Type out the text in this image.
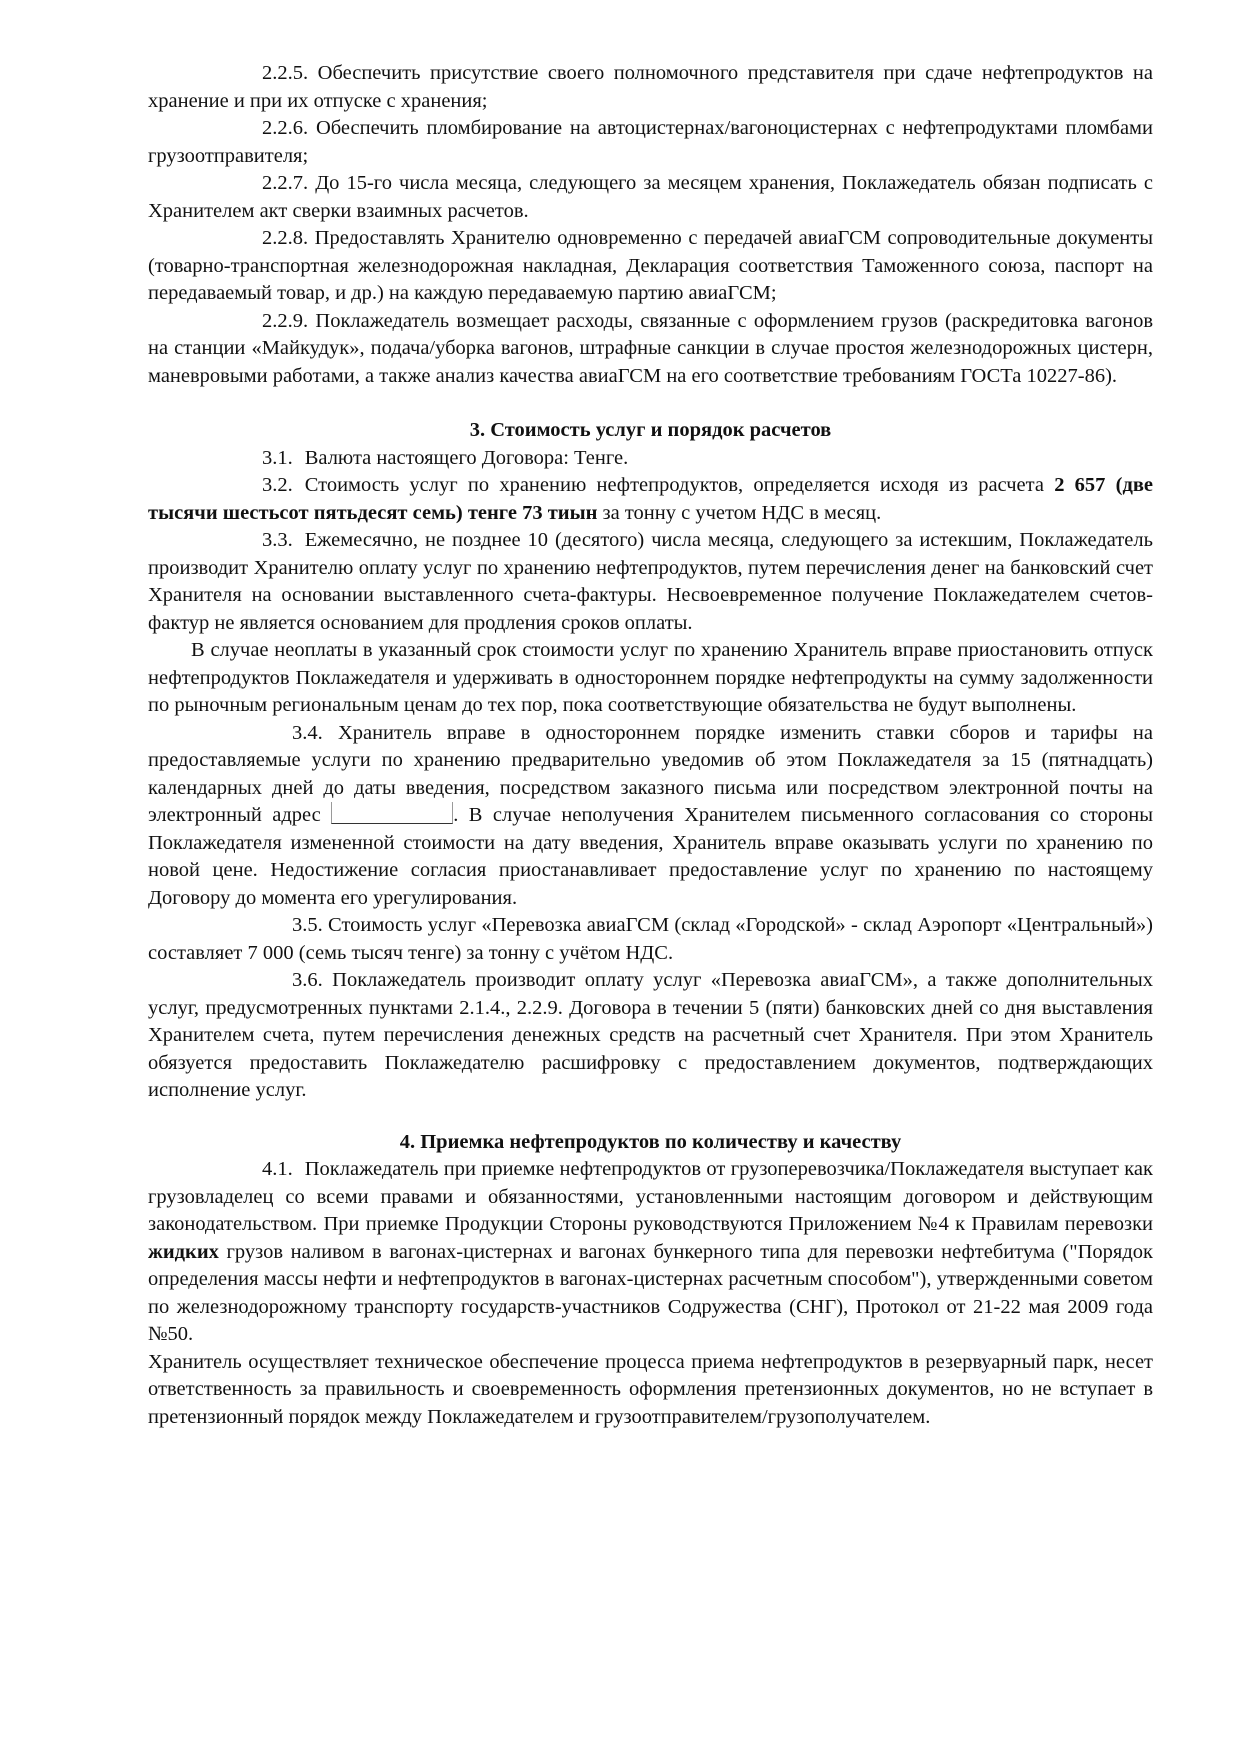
2.2.5. Обеспечить присутствие своего полномочного представителя при сдаче нефтепродуктов на хранение и при их отпуске с хранения;

2.2.6. Обеспечить пломбирование на автоцистернах/вагоноцистернах с нефтепродуктами пломбами грузоотправителя;

2.2.7. До 15-го числа месяца, следующего за месяцем хранения, Поклажедатель обязан подписать с Хранителем акт сверки взаимных расчетов.

2.2.8. Предоставлять Хранителю одновременно с передачей авиаГСМ сопроводительные документы (товарно-транспортная железнодорожная накладная, Декларация соответствия Таможенного союза, паспорт на передаваемый товар, и др.) на каждую передаваемую партию авиаГСМ;

2.2.9. Поклажедатель возмещает расходы, связанные с оформлением грузов (раскредитовка вагонов на станции «Майкудук», подача/уборка вагонов, штрафные санкции в случае простоя железнодорожных цистерн, маневровыми работами, а также анализ качества авиаГСМ на его соответствие требованиям ГОСТа 10227-86).

3. Стоимость услуг и порядок расчетов

3.1. Валюта настоящего Договора: Тенге.

3.2. Стоимость услуг по хранению нефтепродуктов, определяется исходя из расчета 2 657 (две тысячи шестьсот пятьдесят семь) тенге 73 тиын за тонну с учетом НДС в месяц.

3.3. Ежемесячно, не позднее 10 (десятого) числа месяца, следующего за истекшим, Поклажедатель производит Хранителю оплату услуг по хранению нефтепродуктов, путем перечисления денег на банковский счет Хранителя на основании выставленного счета-фактуры. Несвоевременное получение Поклажедателем счетов-фактур не является основанием для продления сроков оплаты.

В случае неоплаты в указанный срок стоимости услуг по хранению Хранитель вправе приостановить отпуск нефтепродуктов Поклажедателя и удерживать в одностороннем порядке нефтепродукты на сумму задолженности по рыночным региональным ценам до тех пор, пока соответствующие обязательства не будут выполнены.

3.4. Хранитель вправе в одностороннем порядке изменить ставки сборов и тарифы на предоставляемые услуги по хранению предварительно уведомив об этом Поклажедателя за 15 (пятнадцать) календарных дней до даты введения, посредством заказного письма или посредством электронной почты на электронный адрес	. В случае неполучения Хранителем письменного согласования со стороны Поклажедателя измененной стоимости на дату введения, Хранитель вправе оказывать услуги по хранению по новой цене. Недостижение согласия приостанавливает предоставление услуг по хранению по настоящему Договору до момента его урегулирования.

3.5. Стоимость услуг «Перевозка авиаГСМ (склад «Городской» - склад Аэропорт «Центральный») составляет 7 000 (семь тысяч тенге) за тонну с учётом НДС.

3.6. Поклажедатель производит оплату услуг «Перевозка авиаГСМ», а также дополнительных услуг, предусмотренных пунктами 2.1.4., 2.2.9. Договора в течении 5 (пяти) банковских дней со дня выставления Хранителем счета, путем перечисления денежных средств на расчетный счет Хранителя. При этом Хранитель обязуется предоставить Поклажедателю расшифровку с предоставлением документов, подтверждающих исполнение услуг.

4. Приемка нефтепродуктов по количеству и качеству

4.1. Поклажедатель при приемке нефтепродуктов от грузоперевозчика/Поклажедателя выступает как грузовладелец со всеми правами и обязанностями, установленными настоящим договором и действующим законодательством. При приемке Продукции Стороны руководствуются Приложением №4 к Правилам перевозки жидких грузов наливом в вагонах-цистернах и вагонах бункерного типа для перевозки нефтебитума ("Порядок определения массы нефти и нефтепродуктов в вагонах-цистернах расчетным способом"), утвержденными советом по железнодорожному транспорту государств-участников Содружества (СНГ), Протокол от 21-22 мая 2009 года №50.

Хранитель осуществляет техническое обеспечение процесса приема нефтепродуктов в резервуарный парк, несет ответственность за правильность и своевременность оформления претензионных документов, но не вступает в претензионный порядок между Поклажедателем и грузоотправителем/грузополучателем.
